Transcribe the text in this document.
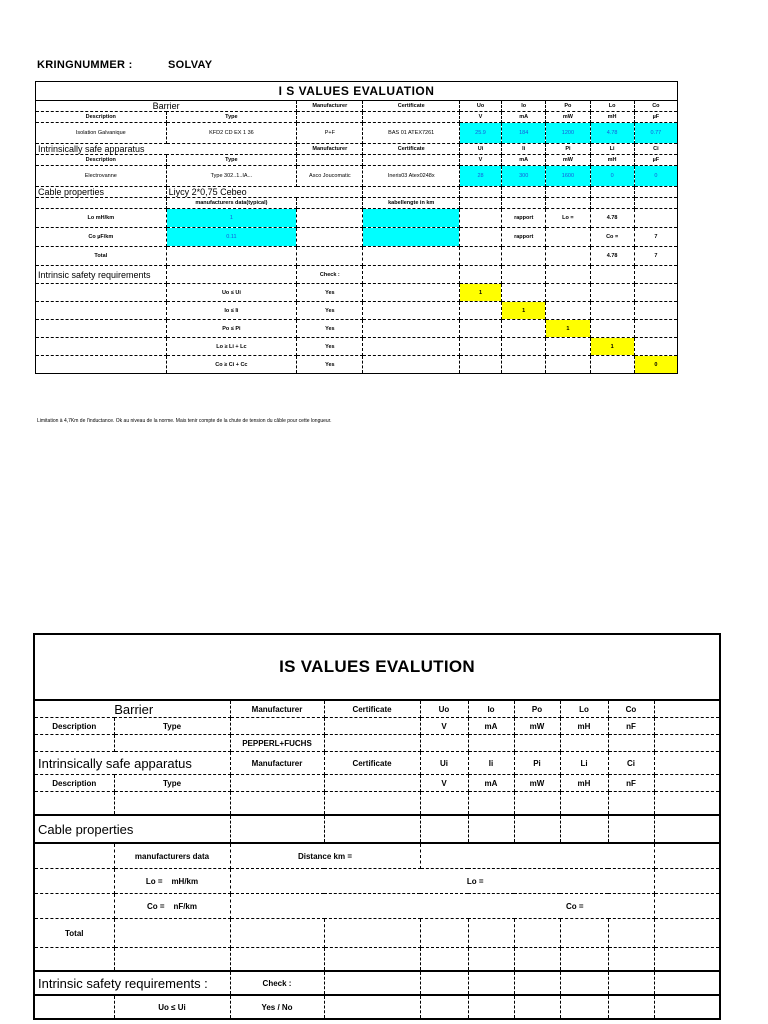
KRINGNUMMER :	SOLVAY
I S VALUES EVALUATION								
Barrier		Manufacturer	Certificate	Uo	Io	Po	Lo	Co
Description	Type			V	mA	mW	mH	µF
Isolation Galvanique	KFD2 CD EX 1 36	P+F	BAS 01 ATEX7261	25.9	184	1200	4.78	0.77
Intrinsically safe apparatus		Manufacturer	Certificate	Ui	Ii	Pi	Li	Ci
Description	Type			V	mA	mW	mH	µF
Electrovanne	Type 302..1..IA...	Asco Joucomatic	Ineris03 Atex0248x	28	300	1600	0	0
Cable properties	Liycy 2*0,75 Cebeo							
	manufacturers data(typical)		kabellengte in km					
Lo mH/km	1				rapport	Lo =	4.78	
Co µF/km	0.11				rapport		Co =	7
Total							4.78	7
Intrinsic safety requirements		Check :						
	Uo ≤ Ui	Yes		1				
	Io ≤ Ii	Yes			1			
	Po ≤ Pi	Yes				1		
	Lo ≥ Li + Lc	Yes					1	
	Co ≥ Ci + Cc	Yes						0
Limitation à 4,7Km de l'inductance. Ok au niveau de la norme. Mais tenir compte de la chute de tension du câble pour cette longueur.
IS VALUES EVALUTION									
Barrier		Manufacturer	Certificate	Uo	Io	Po	Lo	Co	
Description	Type			V	mA	mW	mH	nF	
		PEPPERL+FUCHS							
Intrinsically safe apparatus		Manufacturer	Certificate	Ui	Ii	Pi	Li	Ci	
Description	Type			V	mA	mW	mH	nF	

Cable properties									
	manufacturers data	Distance km =							
	Lo = mH/km	Lo =							
	Co = nF/km	Co =							
Total									

Intrinsic safety requirements :		Check :							
	Uo ≤ Ui	Yes / No							
